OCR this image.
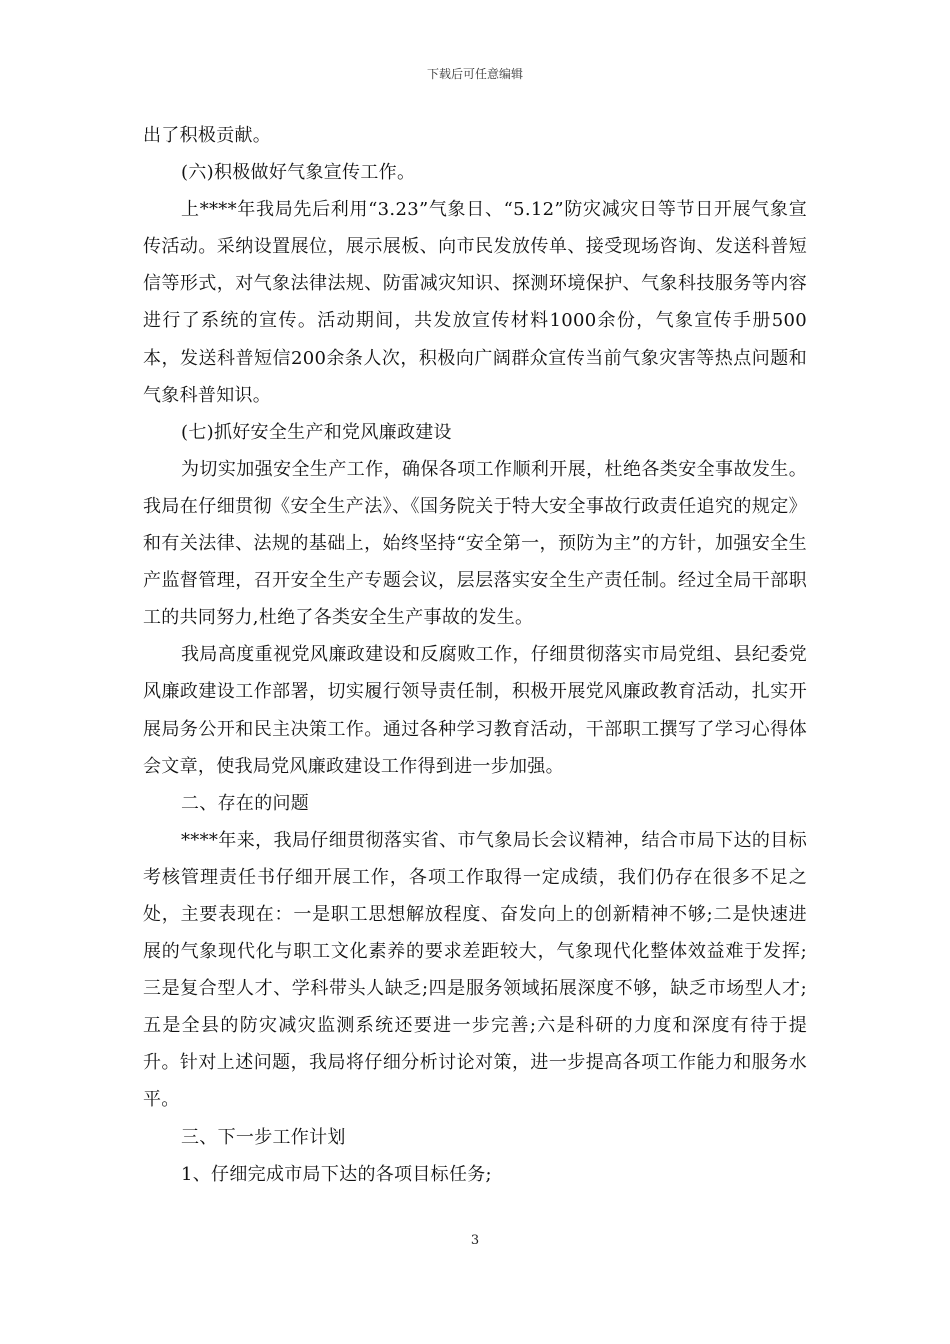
下载后可任意编辑

出了积极贡献。

(六)积极做好气象宣传工作。

上****年我局先后利用“3.23”气象日、“5.12”防灾减灾日等节日开展气象宣传活动。采纳设置展位，展示展板、向市民发放传单、接受现场咨询、发送科普短信等形式，对气象法律法规、防雷减灾知识、探测环境保护、气象科技服务等内容进行了系统的宣传。活动期间，共发放宣传材料1000余份，气象宣传手册500本，发送科普短信200余条人次，积极向广阔群众宣传当前气象灾害等热点问题和气象科普知识。

(七)抓好安全生产和党风廉政建设

为切实加强安全生产工作，确保各项工作顺利开展，杜绝各类安全事故发生。我局在仔细贯彻《安全生产法》、《国务院关于特大安全事故行政责任追究的规定》和有关法律、法规的基础上，始终坚持“安全第一，预防为主”的方针，加强安全生产监督管理，召开安全生产专题会议，层层落实安全生产责任制。经过全局干部职工的共同努力,杜绝了各类安全生产事故的发生。

我局高度重视党风廉政建设和反腐败工作，仔细贯彻落实市局党组、县纪委党风廉政建设工作部署，切实履行领导责任制，积极开展党风廉政教育活动，扎实开展局务公开和民主决策工作。通过各种学习教育活动，干部职工撰写了学习心得体会文章，使我局党风廉政建设工作得到进一步加强。

二、存在的问题

****年来，我局仔细贯彻落实省、市气象局长会议精神，结合市局下达的目标考核管理责任书仔细开展工作，各项工作取得一定成绩，我们仍存在很多不足之处，主要表现在：一是职工思想解放程度、奋发向上的创新精神不够;二是快速进展的气象现代化与职工文化素养的要求差距较大，气象现代化整体效益难于发挥;三是复合型人才、学科带头人缺乏;四是服务领域拓展深度不够，缺乏市场型人才;五是全县的防灾减灾监测系统还要进一步完善;六是科研的力度和深度有待于提升。针对上述问题，我局将仔细分析讨论对策，进一步提高各项工作能力和服务水平。

三、下一步工作计划

1、仔细完成市局下达的各项目标任务;

3
